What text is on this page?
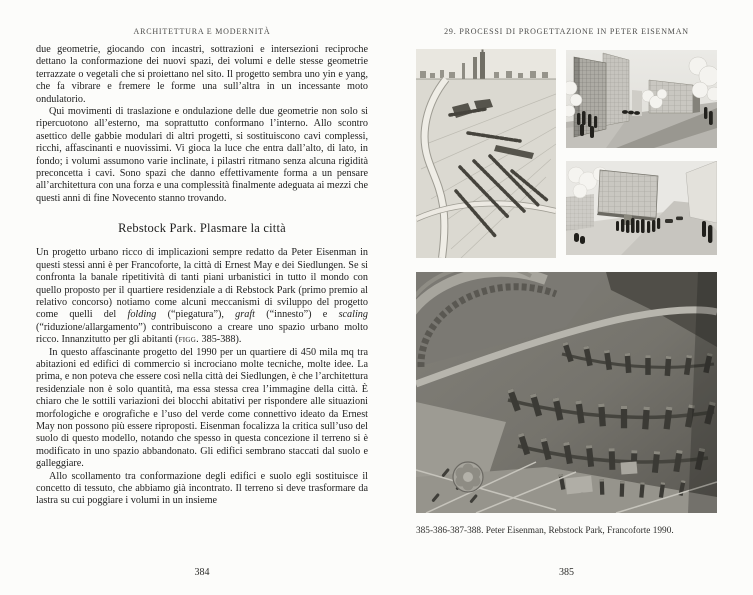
ARCHITETTURA E MODERNITÀ

due geometrie, giocando con incastri, sottrazioni e intersezioni reciproche dettano la conformazione dei nuovi spazi, dei volumi e delle stesse geometrie terrazzate o vegetali che si proiettano nel sito. Il progetto sembra uno yin e yang, che fa vibrare e fremere le forme una sull’altra in un incessante moto ondulatorio.

Qui movimenti di traslazione e ondulazione delle due geometrie non solo si ripercuotono all’esterno, ma soprattutto conformano l’interno. Allo scontro asettico delle gabbie modulari di altri progetti, si sostituiscono cavi complessi, ricchi, affascinanti e nuovissimi. Vi gioca la luce che entra dall’alto, di lato, in fondo; i volumi assumono varie inclinate, i pilastri ritmano senza alcuna rigidità preconcetta i cavi. Sono spazi che danno effettivamente forma a un pensare all’architettura con una forza e una complessità finalmente adeguata ai mezzi che questi anni di fine Novecento stanno trovando.

Rebstock Park. Plasmare la città

Un progetto urbano ricco di implicazioni sempre redatto da Peter Eisenman in questi stessi anni è per Francoforte, la città di Ernest May e dei Siedlungen. Se si confronta la banale ripetitività di tanti piani urbanistici in tutto il mondo con quello proposto per il quartiere residenziale a di Rebstock Park (primo premio al relativo concorso) notiamo come alcuni meccanismi di sviluppo del progetto come quelli del folding (“piegatura”), graft (“innesto”) e scaling (“riduzione/allargamento”) contribuiscono a creare uno spazio urbano molto ricco. Innanzitutto per gli abitanti (figg. 385-388).

In questo affascinante progetto del 1990 per un quartiere di 450 mila mq tra abitazioni ed edifici di commercio si incrociano molte tecniche, molte idee. La prima, e non poteva che essere così nella città dei Siedlungen, è che l’architettura residenziale non è solo quantità, ma essa stessa crea l’immagine della città. È chiaro che le sottili variazioni dei blocchi abitativi per rispondere alle situazioni morfologiche e orografiche e l’uso del verde come connettivo ideato da Ernest May non possono più essere riproposti. Eisenman focalizza la critica sull’uso del suolo di questo modello, notando che spesso in questa concezione il terreno si è modificato in uno spazio abbandonato. Gli edifici sembrano staccati dal suolo e galleggiare.

Allo scollamento tra conformazione degli edifici e suolo egli sostituisce il concetto di tessuto, che abbiamo già incontrato. Il terreno si deve trasformare da lastra su cui poggiare i volumi in un insieme

384
29. PROCESSI DI PROGETTAZIONE IN PETER EISENMAN
385-386-387-388. Peter Eisenman, Rebstock Park, Francoforte 1990.
385
